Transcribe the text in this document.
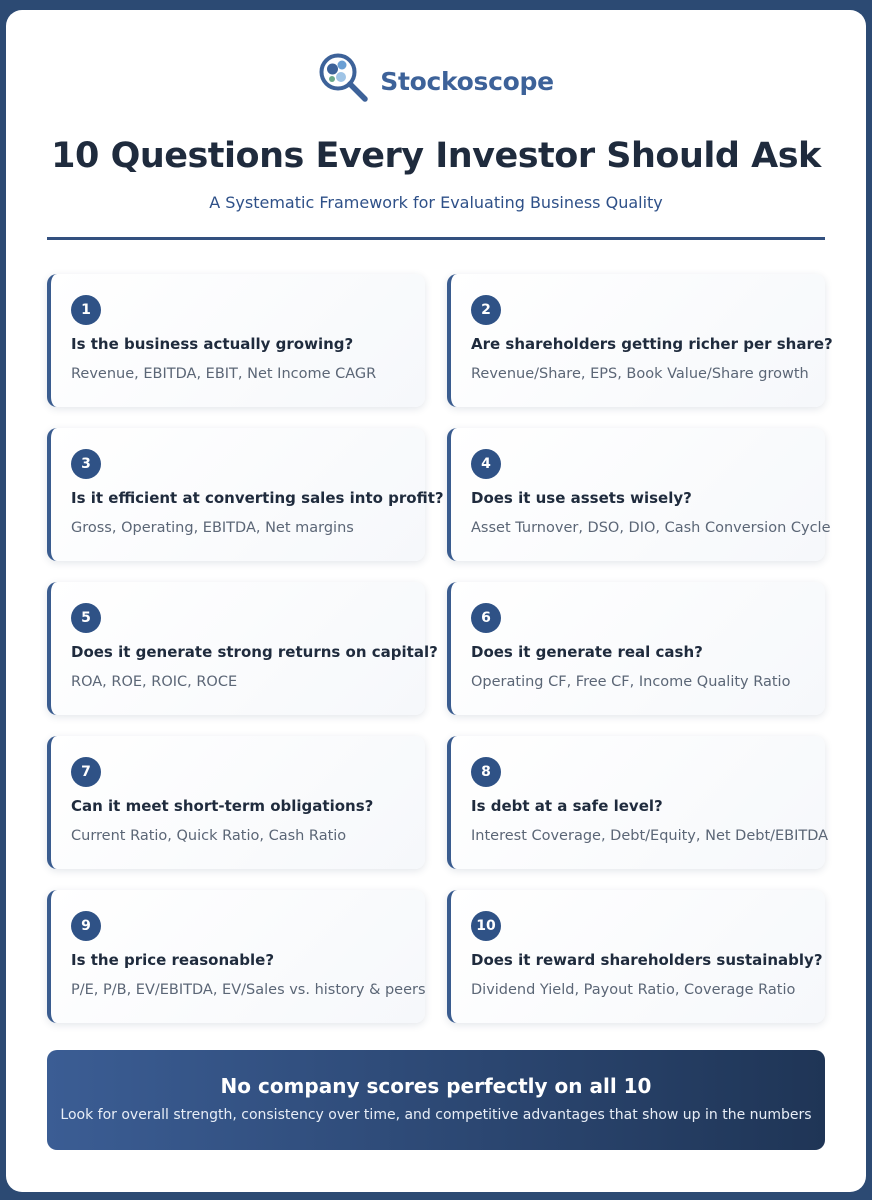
Stockoscope
10 Questions Every Investor Should Ask

A Systematic Framework for Evaluating Business Quality

1
Is the business actually growing?
Revenue, EBITDA, EBIT, Net Income CAGR
2
Are shareholders getting richer per share?
Revenue/Share, EPS, Book Value/Share growth
3
Is it efficient at converting sales into profit?
Gross, Operating, EBITDA, Net margins
4
Does it use assets wisely?
Asset Turnover, DSO, DIO, Cash Conversion Cycle
5
Does it generate strong returns on capital?
ROA, ROE, ROIC, ROCE
6
Does it generate real cash?
Operating CF, Free CF, Income Quality Ratio
7
Can it meet short-term obligations?
Current Ratio, Quick Ratio, Cash Ratio
8
Is debt at a safe level?
Interest Coverage, Debt/Equity, Net Debt/EBITDA
9
Is the price reasonable?
P/E, P/B, EV/EBITDA, EV/Sales vs. history & peers
10
Does it reward shareholders sustainably?
Dividend Yield, Payout Ratio, Coverage Ratio
No company scores perfectly on all 10
Look for overall strength, consistency over time, and competitive advantages that show up in the numbers
